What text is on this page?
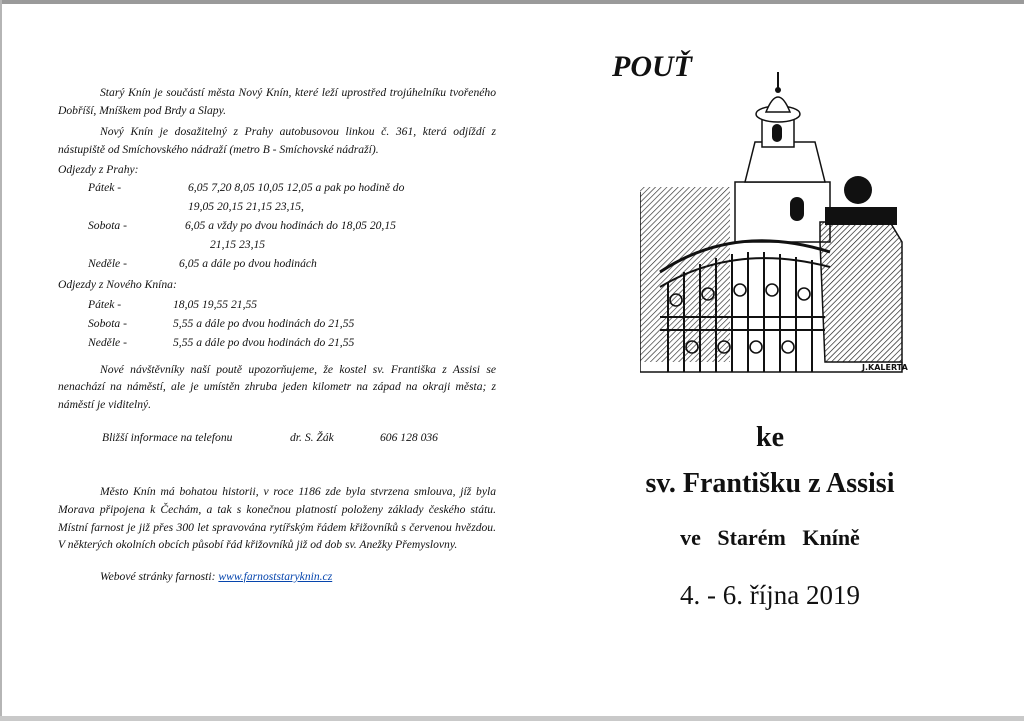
Starý Knín je součástí města Nový Knín, které leží uprostřed trojúhelníku tvořeného Dobříší, Mníškem pod Brdy a Slapy.

Nový Knín je dosažitelný z Prahy autobusovou linkou č. 361, která odjíždí z nástupiště od Smíchovského nádraží (metro B - Smíchovské nádraží).

Odjezdy z Prahy:

Pátek -	6,05 7,20 8,05 10,05 12,05 a pak po hodině do
19,05 20,15 21,15 23,15,
Sobota -	6,05 a vždy po dvou hodinách do 18,05 20,15
21,15 23,15
Neděle -	6,05 a dále po dvou hodinách

Odjezdy z Nového Knína:

Pátek -	18,05 19,55 21,55
Sobota -	5,55 a dále po dvou hodinách do 21,55
Neděle -	5,55 a dále po dvou hodinách do 21,55

Nové návštěvníky naší poutě upozorňujeme, že kostel sv. Františka z Assisi se nenachází na náměstí, ale je umístěn zhruba jeden kilometr na západ na okraji města; z náměstí je viditelný.

Bližší informace na telefonu	dr. S. Žák	606 128 036

Město Knín má bohatou historii, v roce 1186 zde byla stvrzena smlouva, jíž byla Morava připojena k Čechám, a tak s konečnou platností položeny základy českého státu. Místní farnost je již přes 300 let spravována rytířským řádem křižovníků s červenou hvězdou. V některých okolních obcích působí řád křižovníků již od dob sv. Anežky Přemyslovny.

Webové stránky farnosti: www.farnoststaryknin.cz
POUŤ
J.KALERTA
ke
sv. Františku z Assisi
ve   Starém   Kníně
4. - 6. října 2019
